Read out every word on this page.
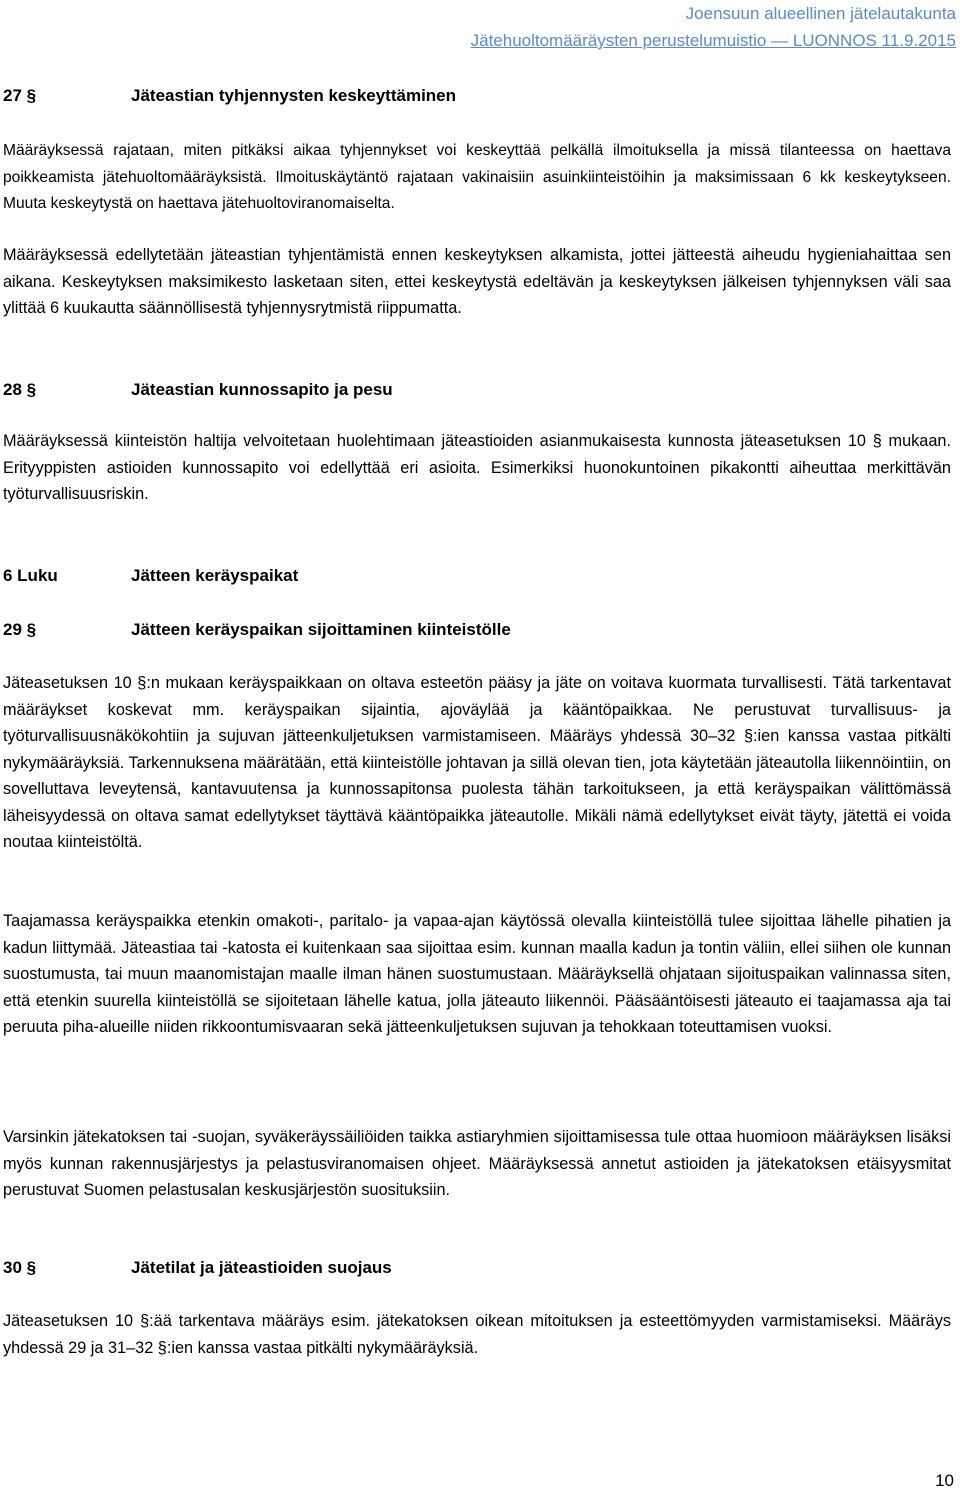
Joensuun alueellinen jätelautakunta
Jätehuoltomääräysten perustelumuistio — LUONNOS 11.9.2015
27 §	Jäteastian tyhjennysten keskeyttäminen

Määräyksessä rajataan, miten pitkäksi aikaa tyhjennykset voi keskeyttää pelkällä ilmoituksella ja missä tilanteessa on haettava poikkeamista jätehuoltomääräyksistä. Ilmoituskäytäntö rajataan vakinaisiin asuinkiinteistöihin ja maksimissaan 6 kk keskeytykseen. Muuta keskeytystä on haettava jätehuoltoviranomaiselta.

Määräyksessä edellytetään jäteastian tyhjentämistä ennen keskeytyksen alkamista, jottei jätteestä aiheudu hygieniahaittaa sen aikana. Keskeytyksen maksimikesto lasketaan siten, ettei keskeytystä edeltävän ja keskeytyksen jälkeisen tyhjennyksen väli saa ylittää 6 kuukautta säännöllisestä tyhjennysrytmistä riippumatta.

28 §	Jäteastian kunnossapito ja pesu

Määräyksessä kiinteistön haltija velvoitetaan huolehtimaan jäteastioiden asianmukaisesta kunnosta jäteasetuksen 10 § mukaan. Erityyppisten astioiden kunnossapito voi edellyttää eri asioita. Esimerkiksi huonokuntoinen pikakontti aiheuttaa merkittävän työturvallisuusriskin.

6 Luku	Jätteen keräyspaikat
29 §	Jätteen keräyspaikan sijoittaminen kiinteistölle

Jäteasetuksen 10 §:n mukaan keräyspaikkaan on oltava esteetön pääsy ja jäte on voitava kuormata turvallisesti. Tätä tarkentavat määräykset koskevat mm. keräyspaikan sijaintia, ajoväylää ja kääntöpaikkaa. Ne perustuvat turvallisuus- ja työturvallisuusnäkökohtiin ja sujuvan jätteenkuljetuksen varmistamiseen. Määräys yhdessä 30‒32 §:ien kanssa vastaa pitkälti nykymääräyksiä. Tarkennuksena määrätään, että kiinteistölle johtavan ja sillä olevan tien, jota käytetään jäteautolla liikennöintiin, on sovelluttava leveytensä, kantavuutensa ja kunnossapitonsa puolesta tähän tarkoitukseen, ja että keräyspaikan välittömässä läheisyydessä on oltava samat edellytykset täyttävä kääntöpaikka jäteautolle. Mikäli nämä edellytykset eivät täyty, jätettä ei voida noutaa kiinteistöltä.

Taajamassa keräyspaikka etenkin omakoti-, paritalo- ja vapaa-ajan käytössä olevalla kiinteistöllä tulee sijoittaa lähelle pihatien ja kadun liittymää. Jäteastiaa tai -katosta ei kuitenkaan saa sijoittaa esim. kunnan maalla kadun ja tontin väliin, ellei siihen ole kunnan suostumusta, tai muun maanomistajan maalle ilman hänen suostumustaan. Määräyksellä ohjataan sijoituspaikan valinnassa siten, että etenkin suurella kiinteistöllä se sijoitetaan lähelle katua, jolla jäteauto liikennöi. Pääsääntöisesti jäteauto ei taajamassa aja tai peruuta piha-alueille niiden rikkoontumisvaaran sekä jätteenkuljetuksen sujuvan ja tehokkaan toteuttamisen vuoksi.

Varsinkin jätekatoksen tai -suojan, syväkeräyssäiliöiden taikka astiaryhmien sijoittamisessa tule ottaa huomioon määräyksen lisäksi myös kunnan rakennusjärjestys ja pelastusviranomaisen ohjeet. Määräyksessä annetut astioiden ja jätekatoksen etäisyysmitat perustuvat Suomen pelastusalan keskusjärjestön suosituksiin.

30 §	Jätetilat ja jäteastioiden suojaus

Jäteasetuksen 10 §:ää tarkentava määräys esim. jätekatoksen oikean mitoituksen ja esteettömyyden varmistamiseksi. Määräys yhdessä 29 ja 31‒32 §:ien kanssa vastaa pitkälti nykymääräyksiä.

10
